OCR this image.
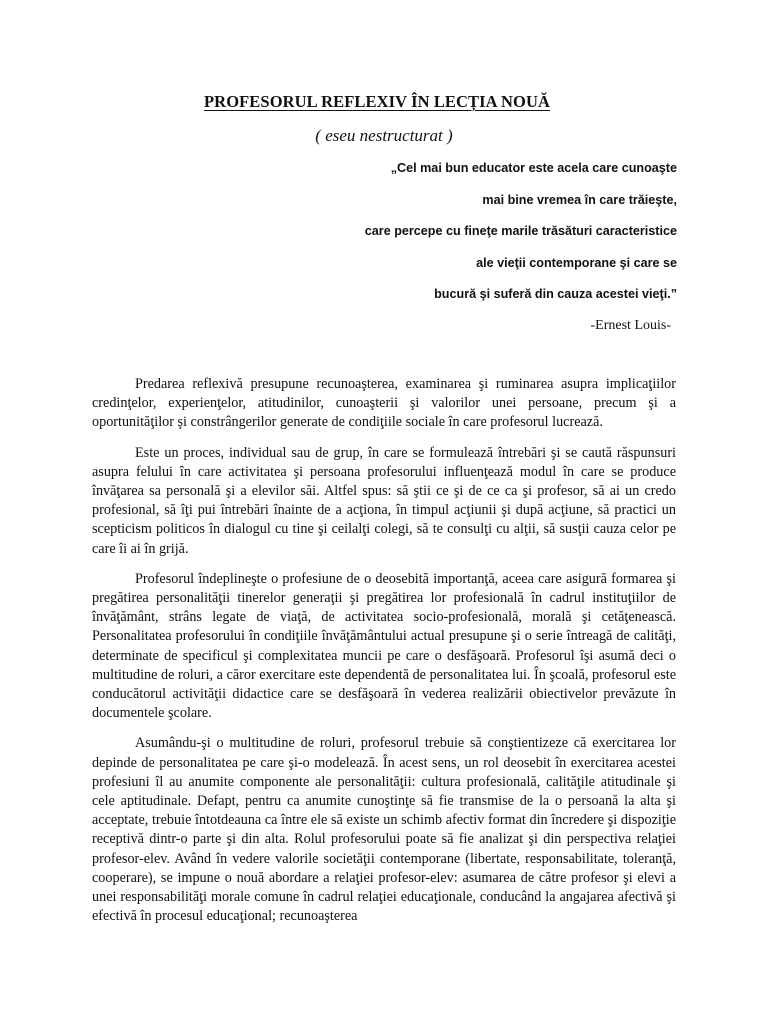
PROFESORUL REFLEXIV ÎN LECȚIA NOUĂ
( eseu nestructurat )
„Cel mai bun educator este acela care cunoaşte
mai bine vremea în care trăieşte,
care percepe cu fineţe marile trăsături caracteristice
ale vieţii contemporane şi care se
bucură şi suferă din cauza acestei vieţi.”
-Ernest Louis-

Predarea reflexivă presupune recunoaşterea, examinarea şi ruminarea asupra implicaţiilor credinţelor, experienţelor, atitudinilor, cunoaşterii şi valorilor unei persoane, precum şi a oportunităţilor şi constrângerilor generate de condiţiile sociale în care profesorul lucrează.

Este un proces, individual sau de grup, în care se formulează întrebări şi se caută răspunsuri asupra felului în care activitatea şi persoana profesorului influenţează modul în care se produce învăţarea sa personală şi a elevilor săi. Altfel spus: să ştii ce şi de ce ca şi profesor, să ai un credo profesional, să îţi pui întrebări înainte de a acţiona, în timpul acţiunii şi după acţiune, să practici un scepticism politicos în dialogul cu tine şi ceilalţi colegi, să te consulţi cu alţii, să susţii cauza celor pe care îi ai în grijă.

Profesorul îndeplineşte o profesiune de o deosebită importanţă, aceea care asigură formarea şi pregătirea personalităţii tinerelor generaţii şi pregătirea lor profesională în cadrul instituţiilor de învăţământ, strâns legate de viaţă, de activitatea socio-profesională, morală şi cetăţenească. Personalitatea profesorului în condiţiile învăţământului actual presupune şi o serie întreagă de calităţi, determinate de specificul şi complexitatea muncii pe care o desfăşoară. Profesorul îşi asumă deci o multitudine de roluri, a căror exercitare este dependentă de personalitatea lui. În şcoală, profesorul este conducătorul activităţii didactice care se desfăşoară în vederea realizării obiectivelor prevăzute în documentele şcolare.

Asumându-şi o multitudine de roluri, profesorul trebuie să conştientizeze că exercitarea lor depinde de personalitatea pe care şi-o modelează. În acest sens, un rol deosebit în exercitarea acestei profesiuni îl au anumite componente ale personalităţii: cultura profesională, calităţile atitudinale şi cele aptitudinale. Defapt, pentru ca anumite cunoştinţe să fie transmise de la o persoană la alta şi acceptate, trebuie întotdeauna ca între ele să existe un schimb afectiv format din încredere şi dispoziţie receptivă dintr-o parte şi din alta. Rolul profesorului poate să fie analizat şi din perspectiva relaţiei profesor-elev. Având în vedere valorile societăţii contemporane (libertate, responsabilitate, toleranţă, cooperare), se impune o nouă abordare a relaţiei profesor-elev: asumarea de către profesor şi elevi a unei responsabilităţi morale comune în cadrul relaţiei educaţionale, conducând la angajarea afectivă şi efectivă în procesul educaţional; recunoaşterea
